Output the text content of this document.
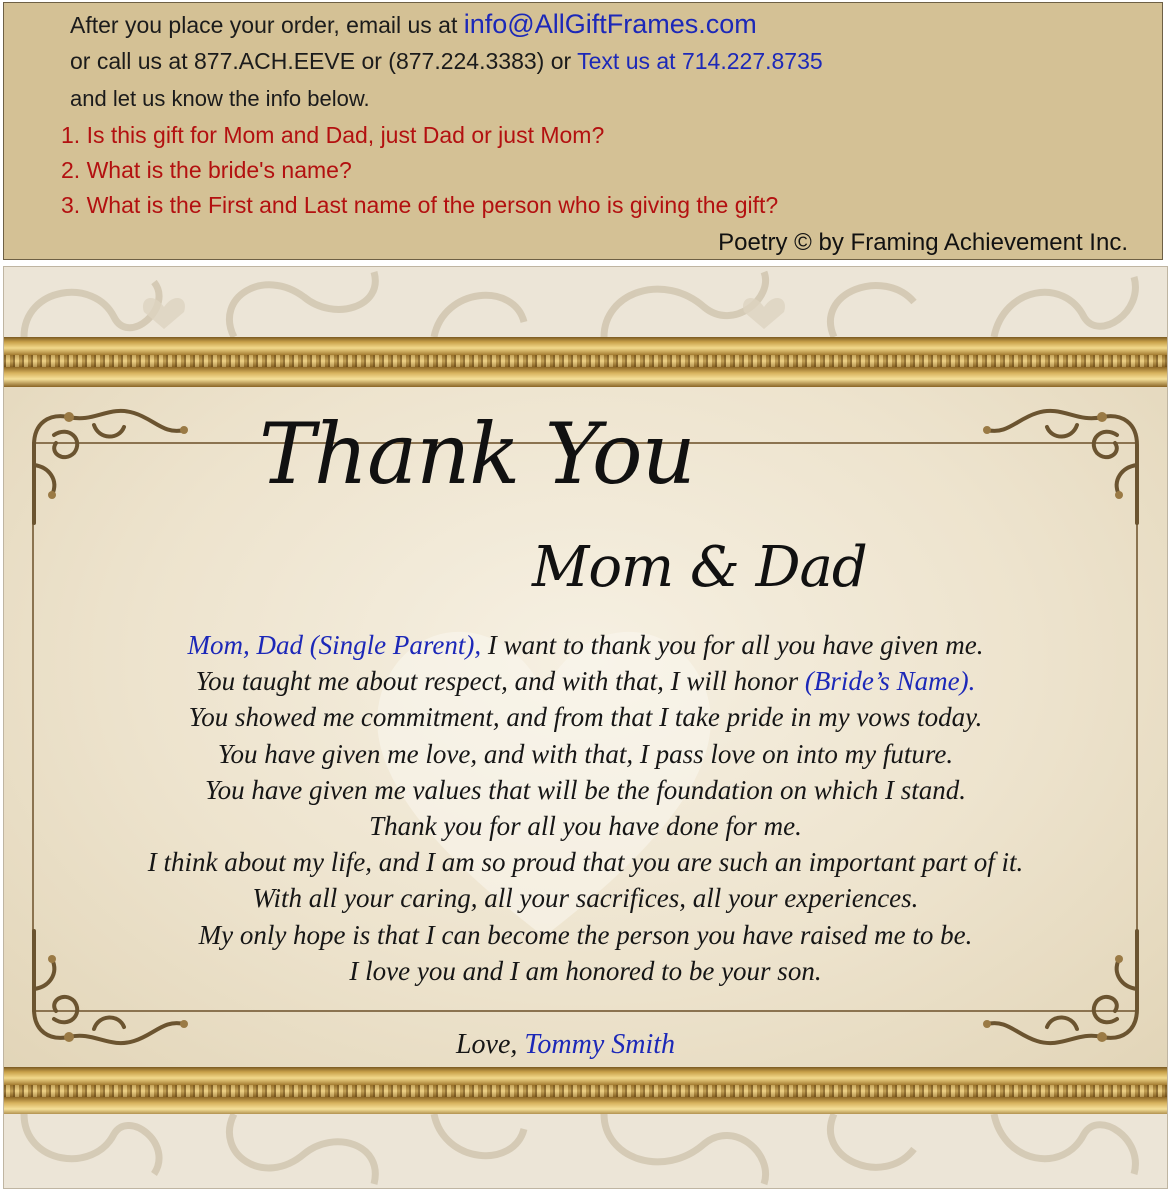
After you place your order, email us at info@AllGiftFrames.com
or call us at 877.ACH.EEVE or (877.224.3383) or Text us at 714.227.8735
and let us know the info below.
1. Is this gift for Mom and Dad, just Dad or just Mom?
2. What is the bride's name?
3. What is the First and Last name of the person who is giving the gift?
Poetry © by Framing Achievement Inc.
Thank You
Mom & Dad
Mom, Dad (Single Parent), I want to thank you for all you have given me.
You taught me about respect, and with that, I will honor (Bride’s Name).
You showed me commitment, and from that I take pride in my vows today.
You have given me love, and with that, I pass love on into my future.
You have given me values that will be the foundation on which I stand.
Thank you for all you have done for me.
I think about my life, and I am so proud that you are such an important part of it.
With all your caring, all your sacrifices, all your experiences.
My only hope is that I can become the person you have raised me to be.
I love you and I am honored to be your son.
Love, Tommy Smith
